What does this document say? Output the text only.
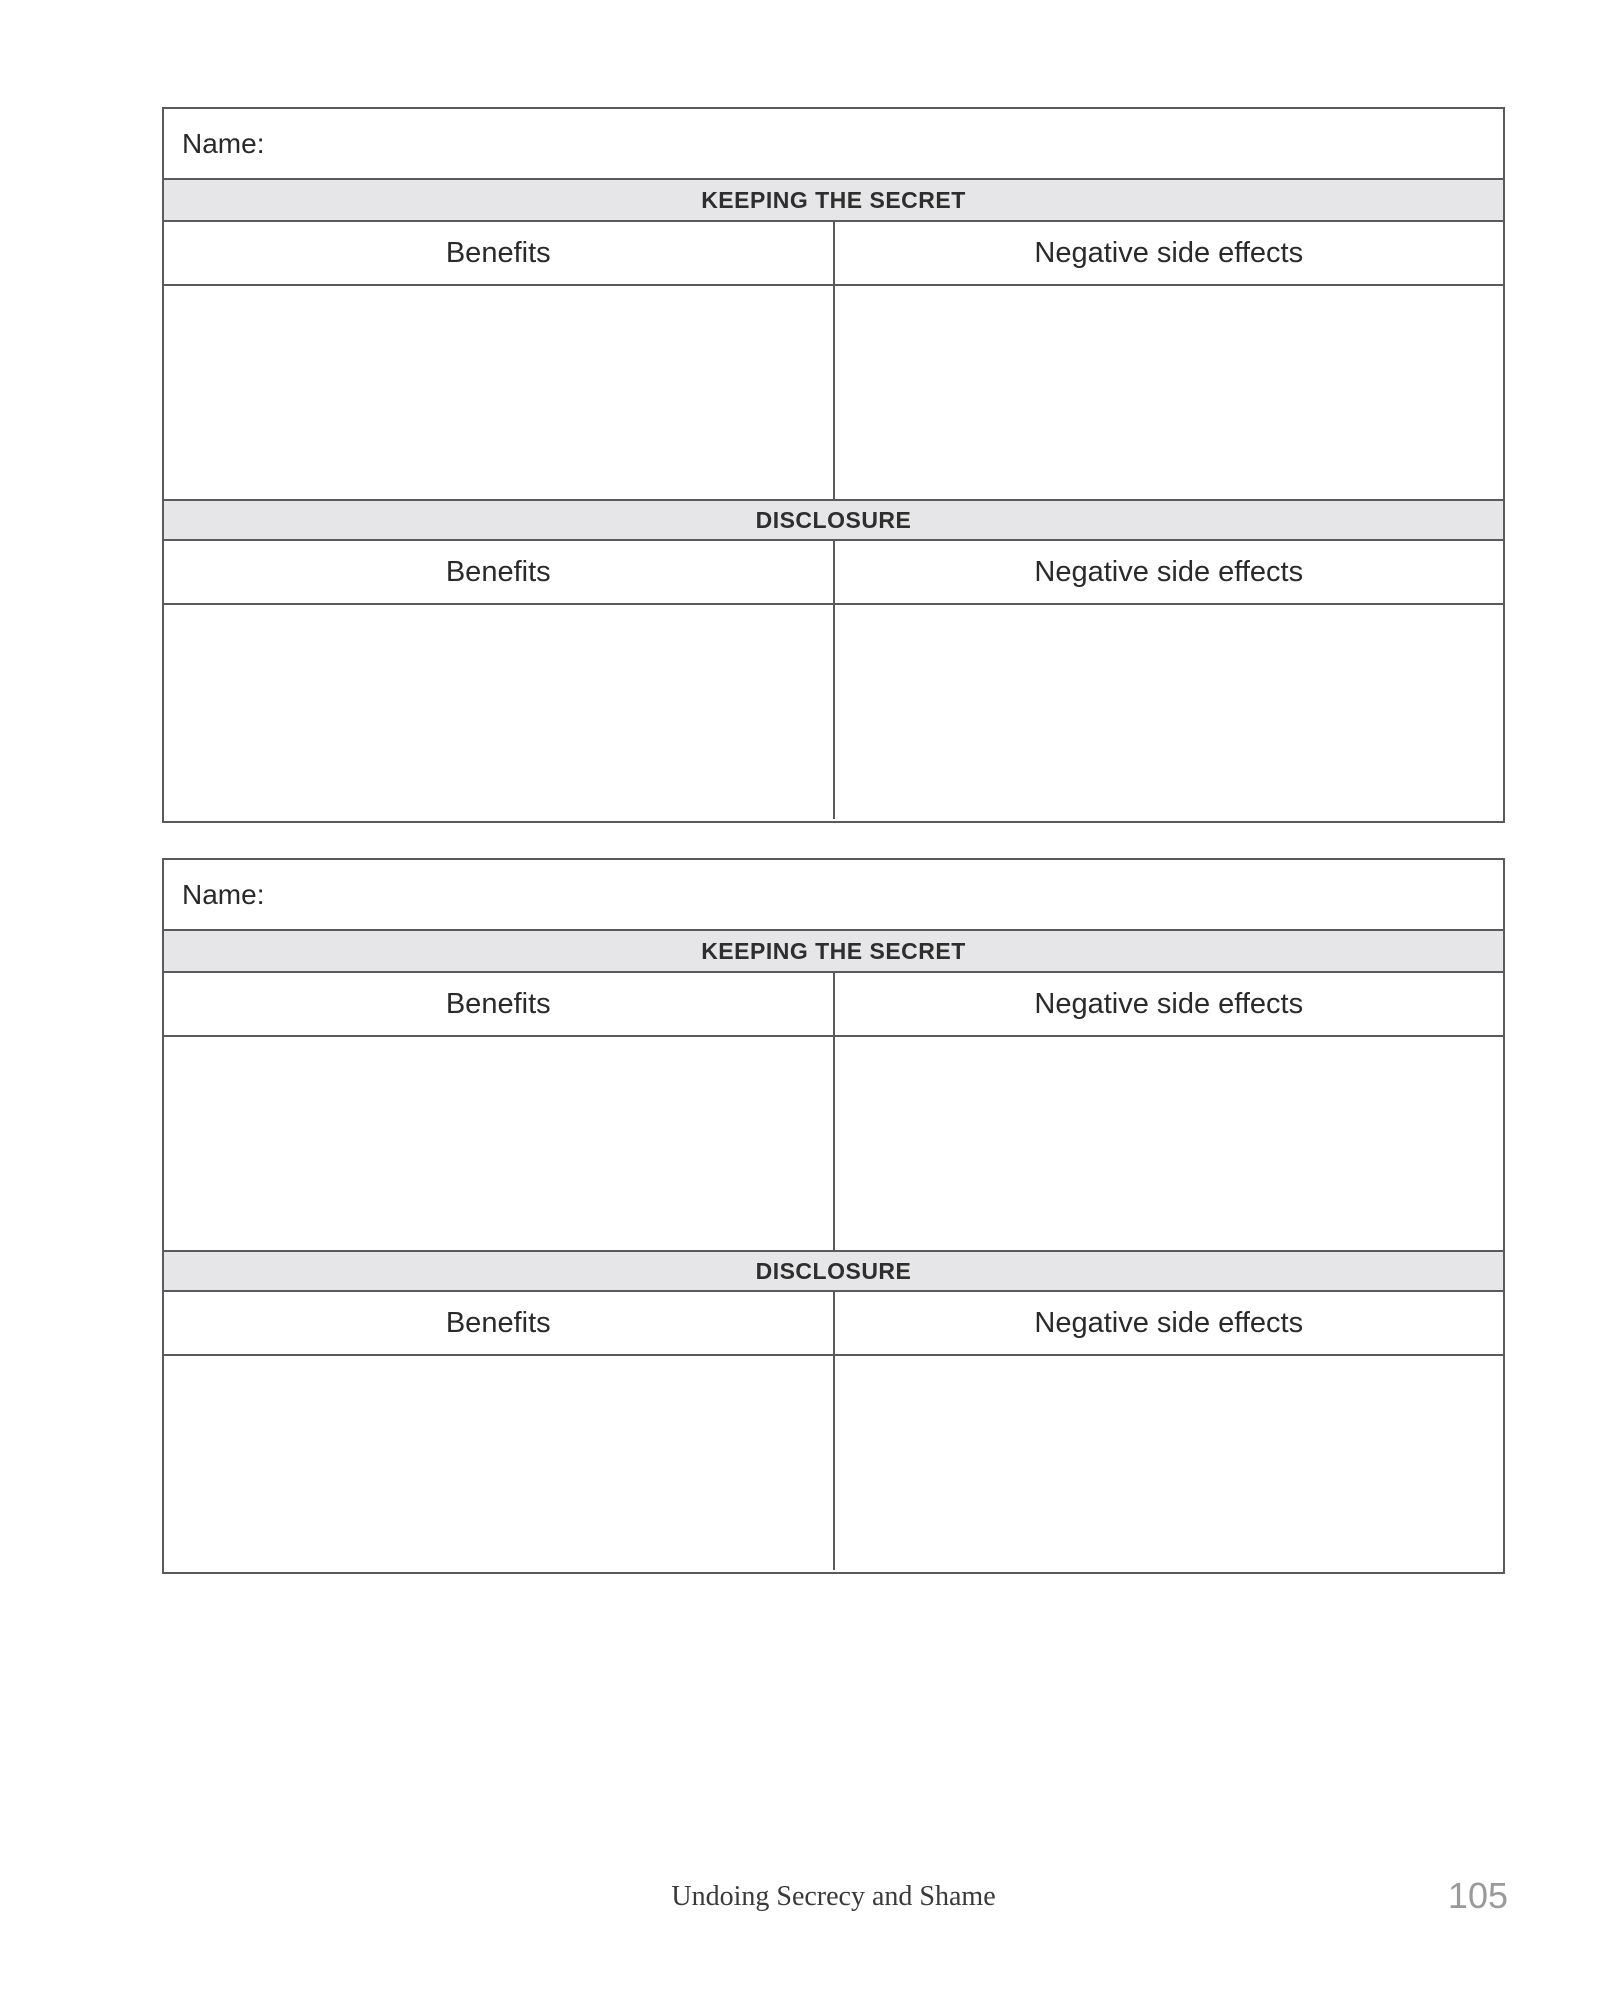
Name:
KEEPING THE SECRET
Benefits	Negative side effects
DISCLOSURE
Benefits	Negative side effects
Name:
KEEPING THE SECRET
Benefits	Negative side effects
DISCLOSURE
Benefits	Negative side effects
Undoing Secrecy and Shame	105
